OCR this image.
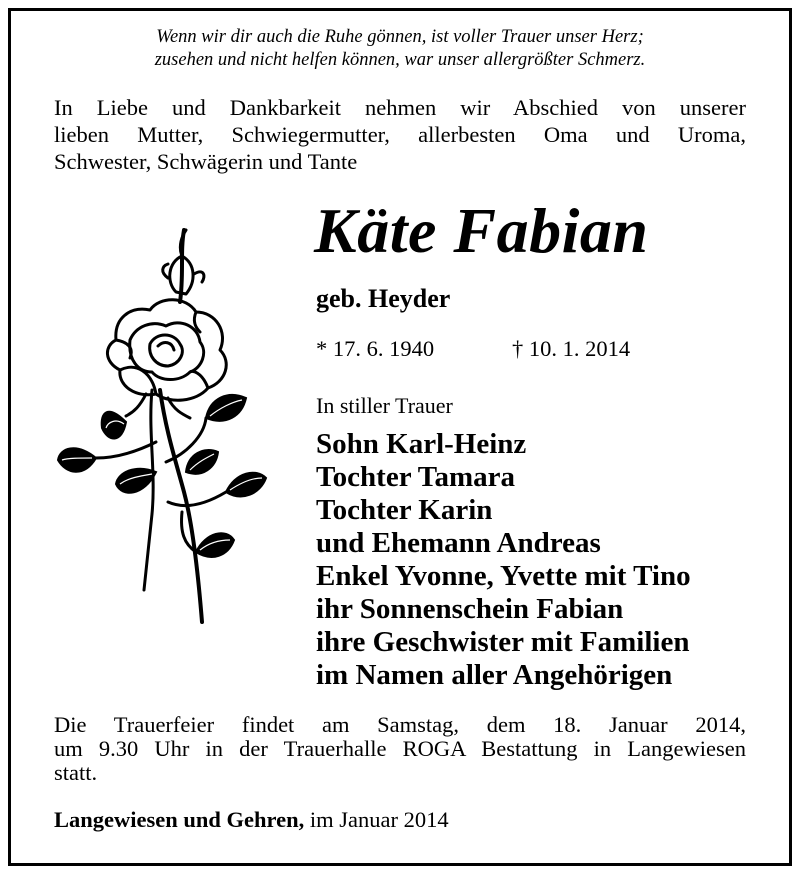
Wenn wir dir auch die Ruhe gönnen, ist voller Trauer unser Herz;
zusehen und nicht helfen können, war unser allergrößter Schmerz.
In Liebe und Dankbarkeit nehmen wir Abschied von unserer
lieben Mutter, Schwiegermutter, allerbesten Oma und Uroma,
Schwester, Schwägerin und Tante
Käte Fabian
geb. Heyder
* 17. 6. 1940	† 10. 1. 2014
In stiller Trauer
Sohn Karl-Heinz
Tochter Tamara
Tochter Karin
und Ehemann Andreas
Enkel Yvonne, Yvette mit Tino
ihr Sonnenschein Fabian
ihre Geschwister mit Familien
im Namen aller Angehörigen
Die Trauerfeier findet am Samstag, dem 18. Januar 2014,
um 9.30 Uhr in der Trauerhalle ROGA Bestattung in Langewiesen
statt.
Langewiesen und Gehren, im Januar 2014
